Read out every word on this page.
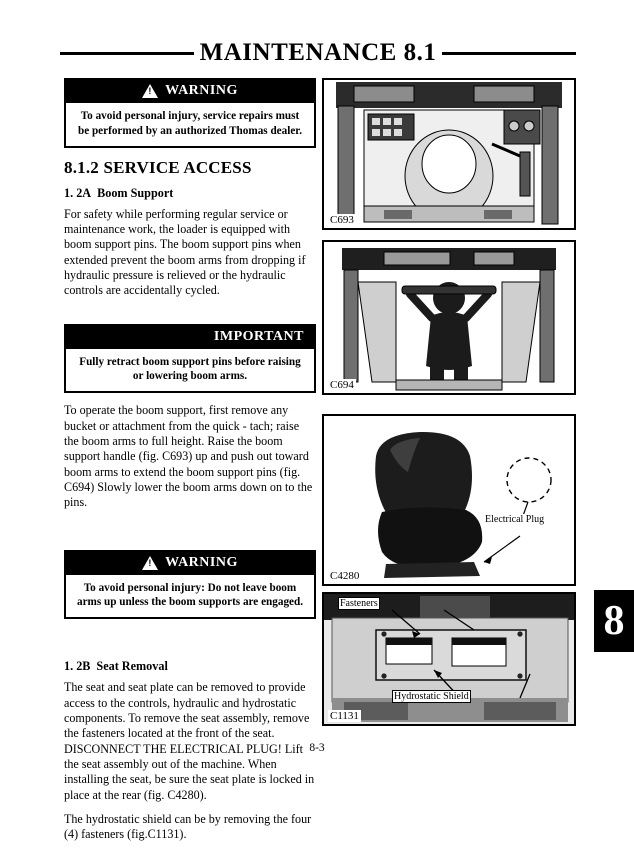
MAINTENANCE 8.1
!
WARNING
To avoid personal injury, service repairs must be performed by an authorized Thomas dealer.
8.1.2 SERVICE ACCESS
1. 2A Boom Support

For safety while performing regular service or maintenance work, the loader is equipped with boom support pins. The boom support pins when extended prevent the boom arms from dropping if hydraulic pressure is relieved or the hydraulic controls are accidentally cycled.

IMPORTANT
Fully retract boom support pins before raising or lowering boom arms.

To operate the boom support, first remove any bucket or attachment from the quick - tach; raise the boom arms to full height. Raise the boom support handle (fig. C693) up and push out toward boom arms to extend the boom support pins (fig. C694) Slowly lower the boom arms down on to the pins.

!
WARNING
To avoid personal injury: Do not leave boom arms up unless the boom supports are engaged.
1. 2B Seat Removal

The seat and seat plate can be removed to provide access to the controls, hydraulic and hydrostatic components. To remove the seat assembly, remove the fasteners located at the front of the seat. DISCONNECT THE ELECTRICAL PLUG! Lift the seat assembly out of the machine. When installing the seat, be sure the seat plate is locked in place at the rear (fig. C4280).

The hydrostatic shield can be by removing the four (4) fasteners (fig.C1131).

C693
C694
Electrical Plug
C4280
Fasteners
Hydrostatic Shield
C1131
8
8-3
